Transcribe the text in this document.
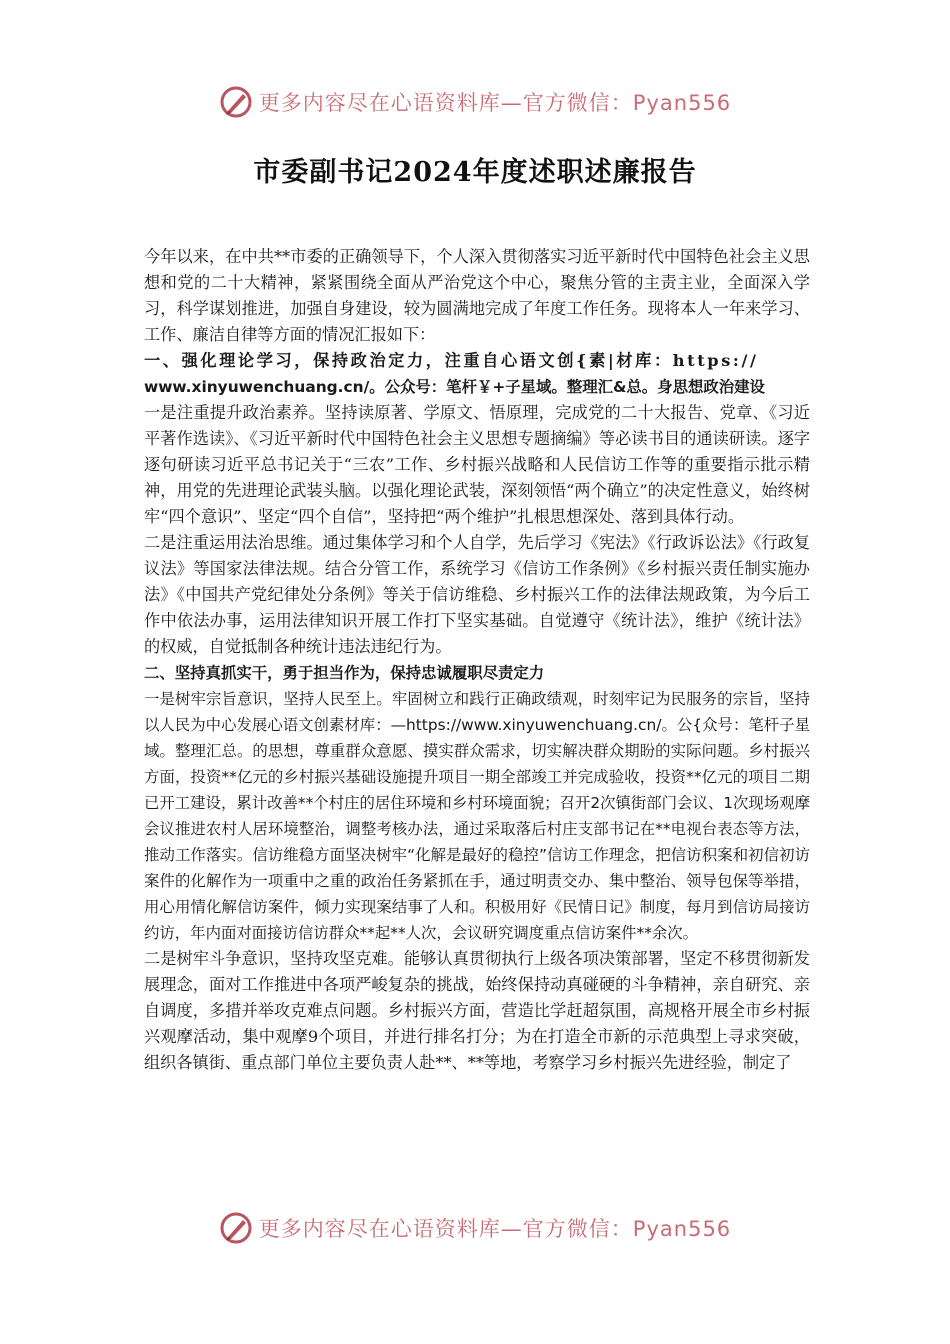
更多内容尽在心语资料库—官方微信：Pyan556
市委副书记2024年度述职述廉报告

今年以来，在中共**市委的正确领导下，个人深入贯彻落实习近平新时代中国特色社会主义思想和党的二十大精神，紧紧围绕全面从严治党这个中心，聚焦分管的主责主业，全面深入学习，科学谋划推进，加强自身建设，较为圆满地完成了年度工作任务。现将本人一年来学习、工作、廉洁自律等方面的情况汇报如下：

一、强化理论学习，保持政治定力，注重自心语文创{素|材库：https://

www.xinyuwenchuang.cn/。公众号：笔杆￥+子星域。整理汇&总。身思想政治建设

一是注重提升政治素养。坚持读原著、学原文、悟原理，完成党的二十大报告、党章、《习近平著作选读》、《习近平新时代中国特色社会主义思想专题摘编》等必读书目的通读研读。逐字逐句研读习近平总书记关于“三农”工作、乡村振兴战略和人民信访工作等的重要指示批示精神，用党的先进理论武装头脑。以强化理论武装，深刻领悟“两个确立”的决定性意义，始终树牢“四个意识”、坚定“四个自信”，坚持把“两个维护”扎根思想深处、落到具体行动。

二是注重运用法治思维。通过集体学习和个人自学，先后学习《宪法》《行政诉讼法》《行政复议法》等国家法律法规。结合分管工作，系统学习《信访工作条例》《乡村振兴责任制实施办法》《中国共产党纪律处分条例》等关于信访维稳、乡村振兴工作的法律法规政策，为今后工作中依法办事，运用法律知识开展工作打下坚实基础。自觉遵守《统计法》，维护《统计法》的权威，自觉抵制各种统计违法违纪行为。

二、坚持真抓实干，勇于担当作为，保持忠诚履职尽责定力

一是树牢宗旨意识，坚持人民至上。牢固树立和践行正确政绩观，时刻牢记为民服务的宗旨，坚持以人民为中心发展心语文创素材库：—https://www.xinyuwenchuang.cn/。公{众号：笔杆子星域。整理汇总。的思想，尊重群众意愿、摸实群众需求，切实解决群众期盼的实际问题。乡村振兴方面，投资**亿元的乡村振兴基础设施提升项目一期全部竣工并完成验收，投资**亿元的项目二期已开工建设，累计改善**个村庄的居住环境和乡村环境面貌；召开2次镇街部门会议、1次现场观摩会议推进农村人居环境整治，调整考核办法，通过采取落后村庄支部书记在**电视台表态等方法，推动工作落实。信访维稳方面坚决树牢“化解是最好的稳控”信访工作理念，把信访积案和初信初访案件的化解作为一项重中之重的政治任务紧抓在手，通过明责交办、集中整治、领导包保等举措，用心用情化解信访案件，倾力实现案结事了人和。积极用好《民情日记》制度，每月到信访局接访约访，年内面对面接访信访群众**起**人次，会议研究调度重点信访案件**余次。

二是树牢斗争意识，坚持攻坚克难。能够认真贯彻执行上级各项决策部署，坚定不移贯彻新发展理念，面对工作推进中各项严峻复杂的挑战，始终保持动真碰硬的斗争精神，亲自研究、亲自调度，多措并举攻克难点问题。乡村振兴方面，营造比学赶超氛围，高规格开展全市乡村振兴观摩活动，集中观摩9个项目，并进行排名打分；为在打造全市新的示范典型上寻求突破，组织各镇街、重点部门单位主要负责人赴**、**等地，考察学习乡村振兴先进经验，制定了

更多内容尽在心语资料库—官方微信：Pyan556
